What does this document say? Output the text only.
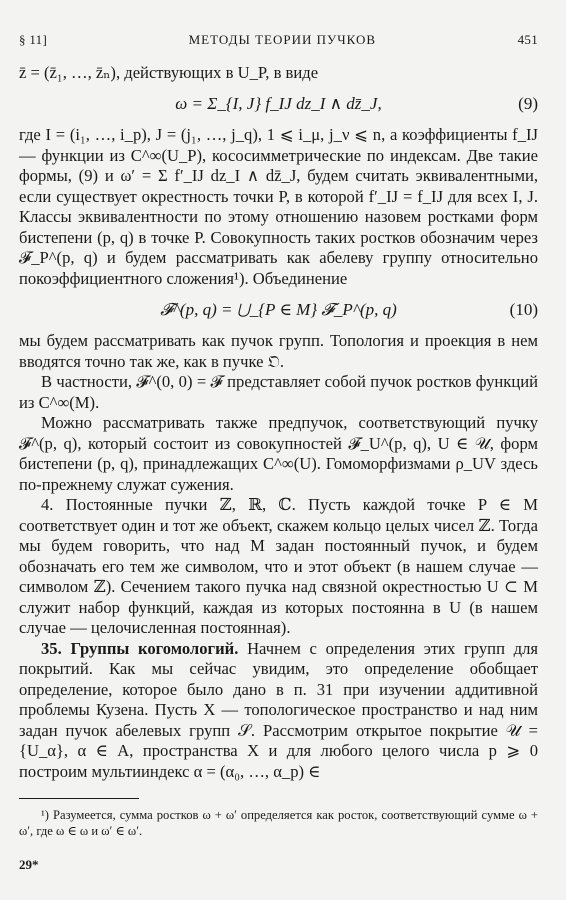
§ 11]	МЕТОДЫ ТЕОРИИ ПУЧКОВ	451

z̄ = (z̄₁, …, z̄ₙ), действующих в U_P, в виде

ω = Σ_{I, J} f_IJ dz_I ∧ dz̄_J,	(9)

где I = (i₁, …, i_p), J = (j₁, …, j_q), 1 ⩽ i_μ, j_ν ⩽ n, а коэффициенты f_IJ — функции из C^∞(U_P), кососимметрические по индексам. Две такие формы, (9) и ω′ = Σ f′_IJ dz_I ∧ dz̄_J, будем считать эквивалентными, если существует окрестность точки P, в которой f′_IJ = f_IJ для всех I, J. Классы эквивалентности по этому отношению назовем ростками форм бистепени (p, q) в точке P. Совокупность таких ростков обозначим через 𝓕_P^(p, q) и будем рассматривать как абелеву группу относительно покоэффициентного сложения¹). Объединение

𝓕^(p, q) = ⋃_{P ∈ M} 𝓕_P^(p, q)	(10)

мы будем рассматривать как пучок групп. Топология и проекция в нем вводятся точно так же, как в пучке 𝔒.

В частности, 𝓕^(0, 0) = 𝓕 представляет собой пучок ростков функций из C^∞(M).

Можно рассматривать также предпучок, соответствующий пучку 𝓕^(p, q), который состоит из совокупностей 𝓕_U^(p, q), U ∈ 𝒰, форм бистепени (p, q), принадлежащих C^∞(U). Гомоморфизмами ρ_UV здесь по-прежнему служат сужения.

4. Постоянные пучки ℤ, ℝ, ℂ. Пусть каждой точке P ∈ M соответствует один и тот же объект, скажем кольцо целых чисел ℤ. Тогда мы будем говорить, что над M задан постоянный пучок, и будем обозначать его тем же символом, что и этот объект (в нашем случае — символом ℤ). Сечением такого пучка над связной окрестностью U ⊂ M служит набор функций, каждая из которых постоянна в U (в нашем случае — целочисленная постоянная).

35. Группы когомологий. Начнем с определения этих групп для покрытий. Как мы сейчас увидим, это определение обобщает определение, которое было дано в п. 31 при изучении аддитивной проблемы Кузена. Пусть X — топологическое пространство и над ним задан пучок абелевых групп 𝒮. Рассмотрим открытое покрытие 𝒰 = {U_α}, α ∈ A, пространства X и для любого целого числа p ⩾ 0 построим мультииндекс α = (α₀, …, α_p) ∈

¹) Разумеется, сумма ростков ω + ω′ определяется как росток, соответствующий сумме ω + ω′, где ω ∈ ω и ω′ ∈ ω′.

29*
